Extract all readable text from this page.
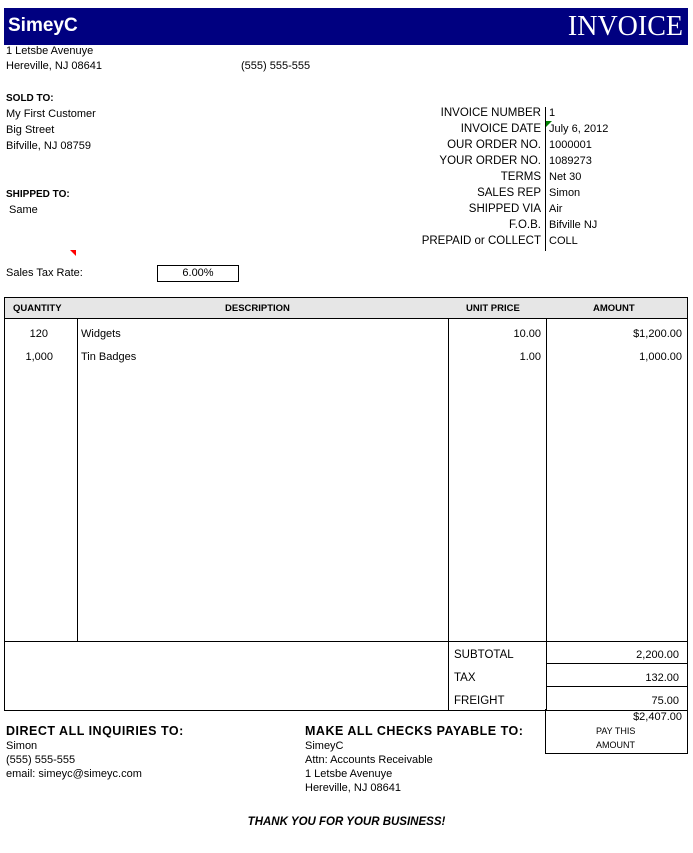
SimeyC	INVOICE
1 Letsbe Avenuye
Hereville, NJ 08641	(555) 555-555
SOLD TO:
My First Customer
Big Street
Bifville, NJ 08759
SHIPPED TO:
Same
Sales Tax Rate:	6.00%
INVOICE NUMBER 1
INVOICE DATE July 6, 2012
OUR ORDER NO. 1000001
YOUR ORDER NO. 1089273
TERMS Net 30
SALES REP Simon
SHIPPED VIA Air
F.O.B. Bifville NJ
PREPAID or COLLECT COLL
QUANTITY	DESCRIPTION	UNIT PRICE	AMOUNT
120	Widgets	10.00	$1,200.00
1,000	Tin Badges	1.00	1,000.00
SUBTOTAL	2,200.00
TAX	132.00
FREIGHT	75.00
$2,407.00
PAY THIS
AMOUNT
DIRECT ALL INQUIRIES TO:
Simon
(555) 555-555
email: simeyc@simeyc.com
MAKE ALL CHECKS PAYABLE TO:
SimeyC
Attn: Accounts Receivable
1 Letsbe Avenuye
Hereville, NJ 08641
THANK YOU FOR YOUR BUSINESS!
